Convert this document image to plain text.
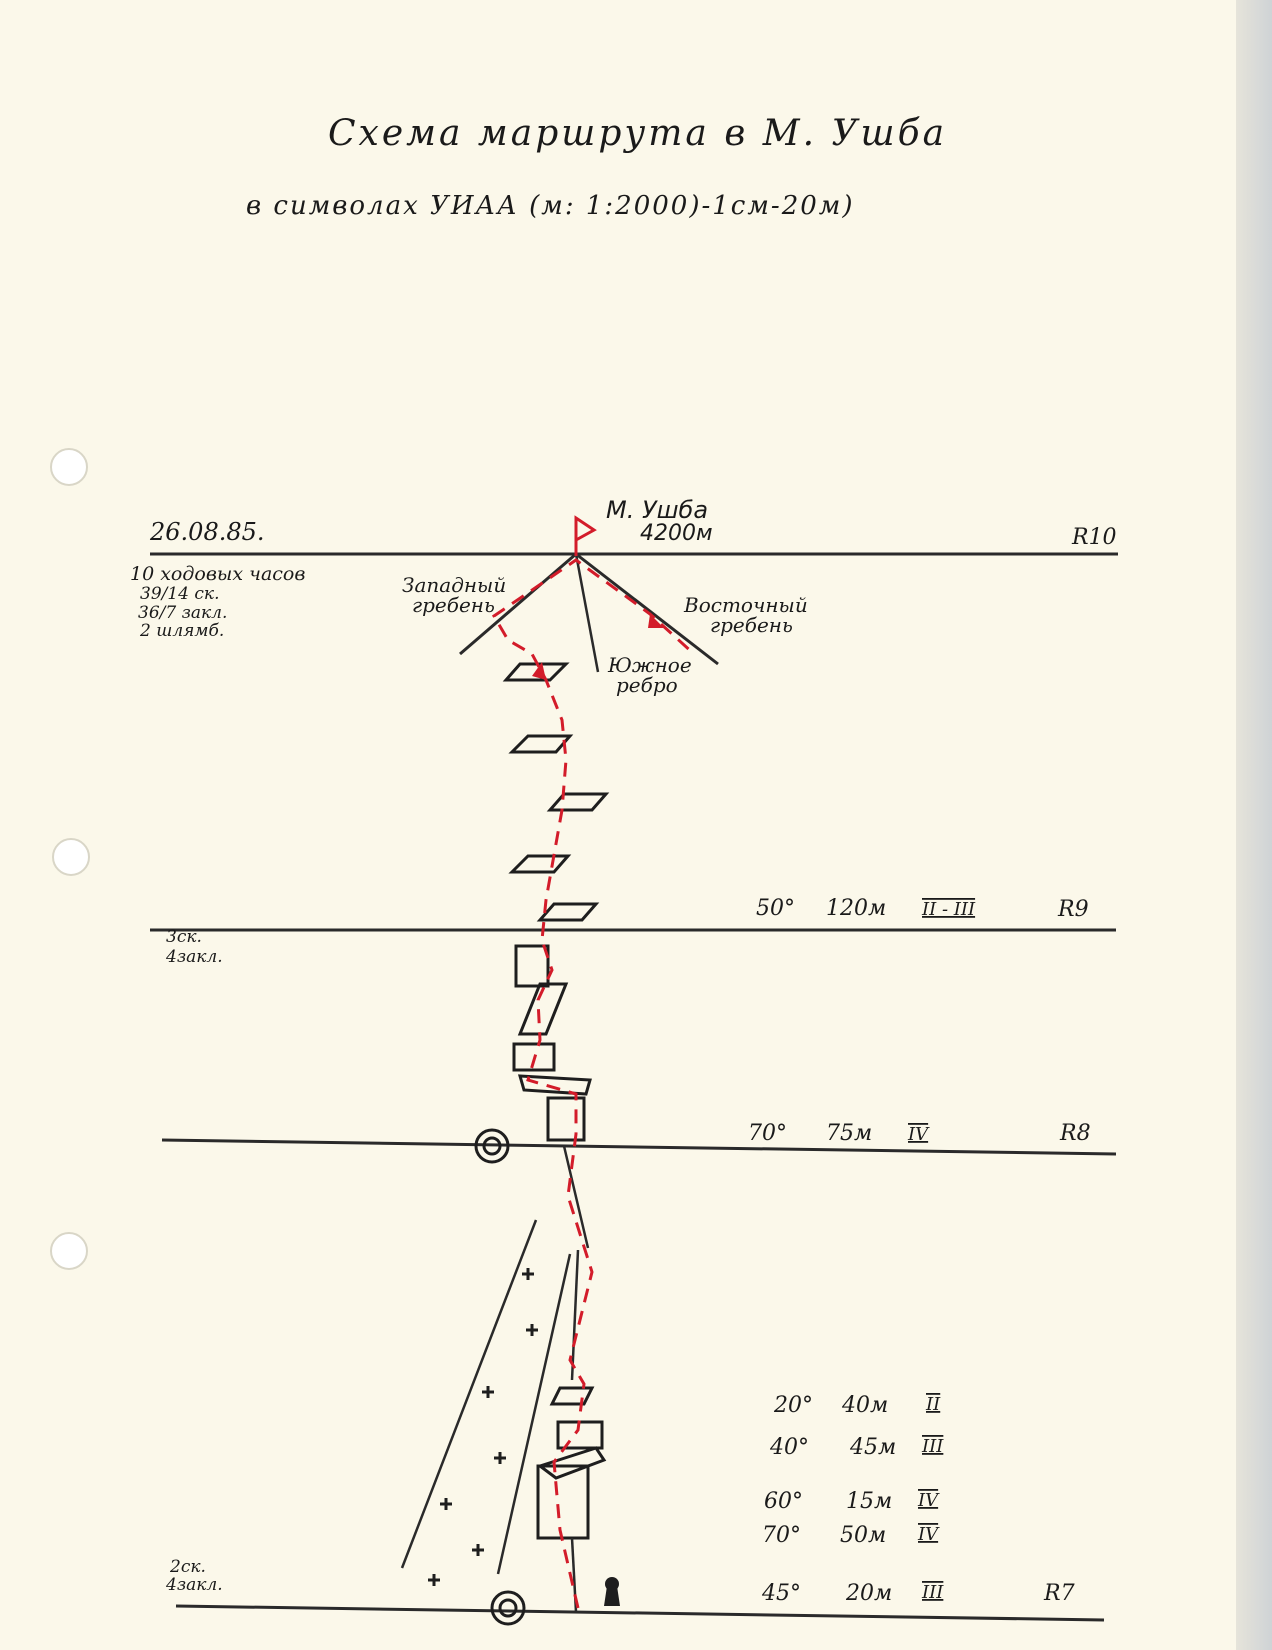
Схема маршрута в М. Ушба
в символах УИАА (м: 1:2000)-1см-20м)
26.08.85.
М. Ушба
4200м
10 ходовых часов
39/14 ск.
36/7 закл.
2 шлямб.
R10
R9
R8
R7
50° 120м II - III
3ск.
4закл.
70° 75м IV
2ск.
4закл.
20° 40м II
40° 45м III
60° 15м IV
70° 50м IV
45° 20м III
Западный
гребень	Восточный
гребень
Южное
ребро
